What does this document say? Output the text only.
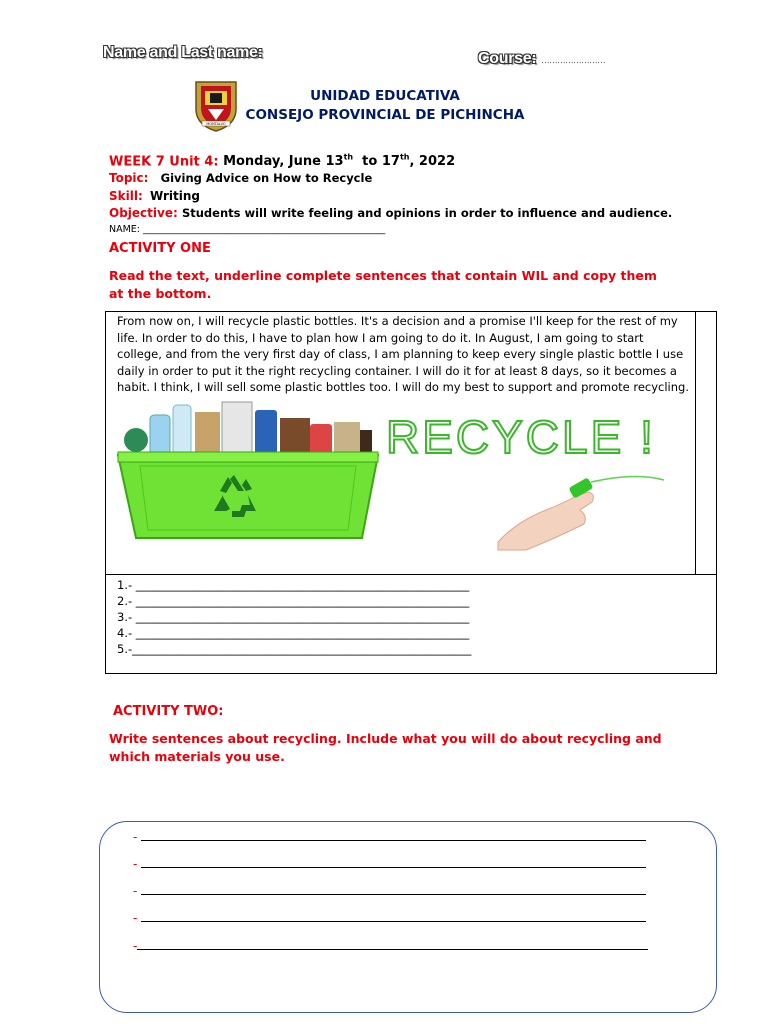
Name and Last name:	Course: ……………………
MONTALVO
UNIDAD EDUCATIVA
CONSEJO PROVINCIAL DE PICHINCHA
WEEK 7 Unit 4: Monday, June 13th to 17th, 2022
Topic: Giving Advice on How to Recycle
Skill: Writing
Objective: Students will write feeling and opinions in order to influence and audience.
NAME: ___________________________________________________
ACTIVITY ONE
Read the text, underline complete sentences that contain WIL and copy them
at the bottom.
From now on, I will recycle plastic bottles. It's a decision and a promise I'll keep for the rest of my life. In order to do this, I have to plan how I am going to do it. In August, I am going to start college, and from the very first day of class, I am planning to keep every single plastic bottle I use daily in order to put it the right recycling container. I will do it for at least 8 days, so it becomes a habit. I think, I will sell some plastic bottles too. I will do my best to support and promote recycling.
RECYCLE !
1.- __________________________________________________________
2.- __________________________________________________________
3.- __________________________________________________________
4.- __________________________________________________________
5.-___________________________________________________________
ACTIVITY TWO:
Write sentences about recycling. Include what you will do about recycling and
which materials you use.
-
-
-
-
-
